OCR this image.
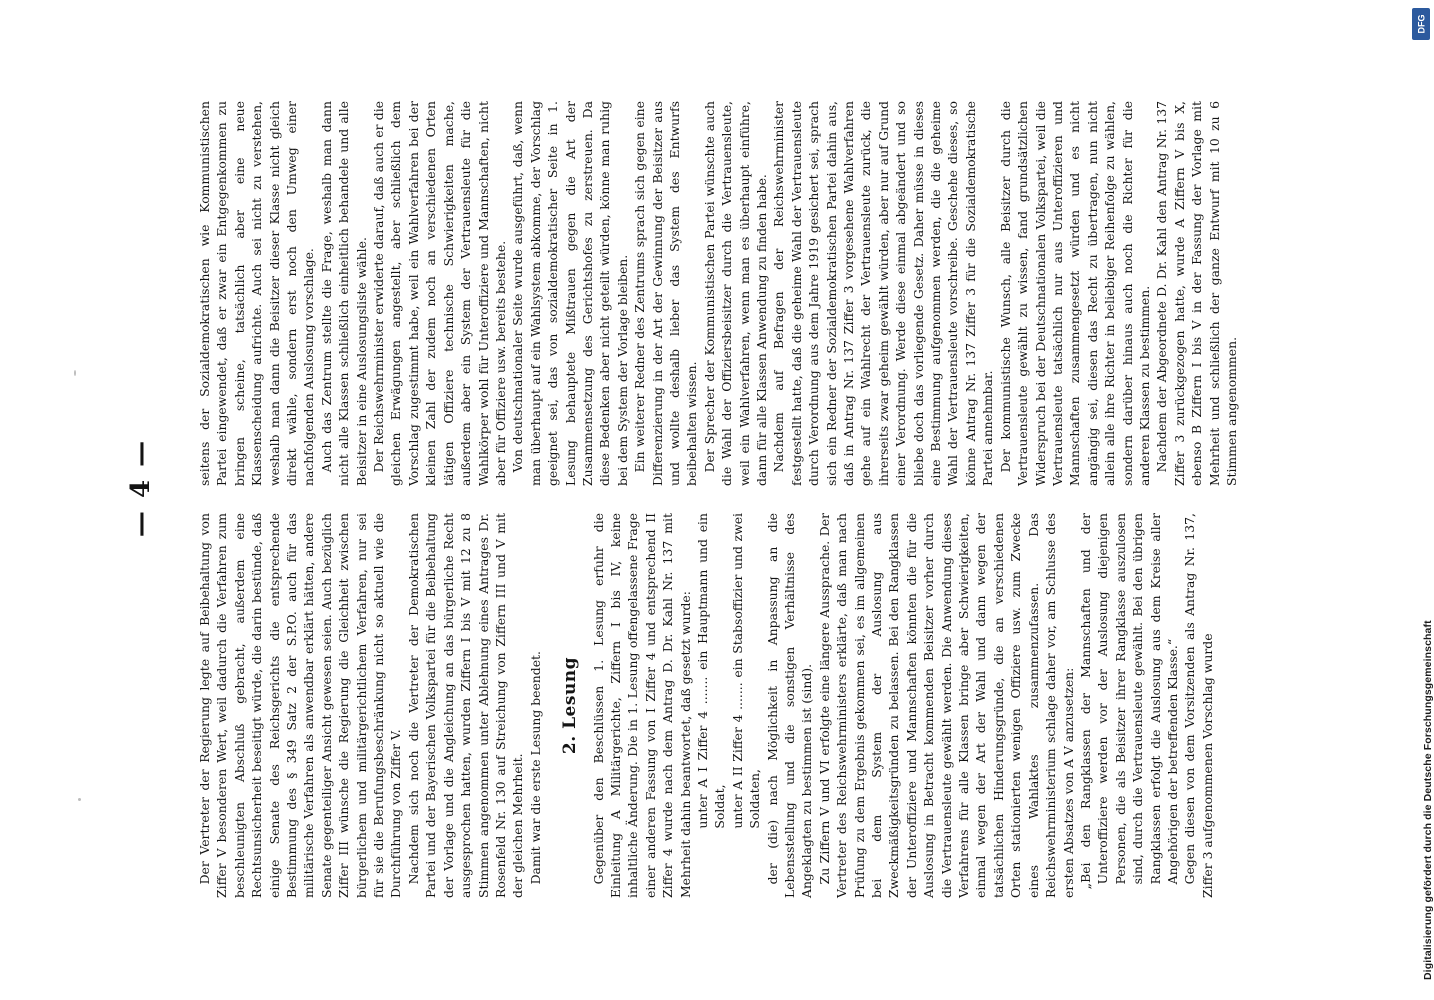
— 4 —

Der Vertreter der Regierung legte auf Beibehaltung von Ziffer V besonderen Wert, weil dadurch die Verfahren zum beschleunigten Abschluß gebracht, außerdem eine Rechtsunsicherheit beseitigt würde, die darin bestünde, daß einige Senate des Reichsgerichts die entsprechende Bestimmung des § 349 Satz 2 der S.P.O. auch für das militärische Verfahren als anwendbar erklärt hätten, andere Senate gegenteiliger Ansicht gewesen seien. Auch bezüglich Ziffer III wünsche die Regierung die Gleichheit zwischen bürgerlichem und militärgerichtlichem Verfahren, nur sei für sie die Berufungsbeschränkung nicht so aktuell wie die Durchführung von Ziffer V. Nachdem sich noch die Vertreter der Demokratischen Partei und der Bayerischen Volkspartei für die Beibehaltung der Vorlage und die Angleichung an das bürgerliche Recht ausgesprochen hatten, wurden Ziffern I bis V mit 12 zu 8 Stimmen angenommen unter Ablehnung eines Antrages Dr. Rosenfeld Nr. 130 auf Streichung von Ziffern III und V mit der gleichen Mehrheit. Damit war die erste Lesung beendet. 2. Lesung Gegenüber den Beschlüssen 1. Lesung erfuhr die Einleitung A Militärgerichte, Ziffern I bis IV, keine inhaltliche Änderung. Die in 1. Lesung offengelassene Frage einer anderen Fassung von I Ziffer 4 und entsprechend II Ziffer 4 wurde nach dem Antrag D. Dr. Kahl Nr. 137 mit Mehrheit dahin beantwortet, daß gesetzt wurde: unter A I Ziffer 4 ....... ein Hauptmann und ein Soldat, unter A II Ziffer 4 ....... ein Stabsoffizier und zwei Soldaten, der (die) nach Möglichkeit in Anpassung an die Lebensstellung und die sonstigen Verhältnisse des Angeklagten zu bestimmen ist (sind). Zu Ziffern V und VI erfolgte eine längere Aussprache. Der Vertreter des Reichswehrministers erklärte, daß man nach Prüfung zu dem Ergebnis gekommen sei, es im allgemeinen bei dem System der Auslosung aus Zweckmäßigkeitsgründen zu belassen. Bei den Rangklassen der Unteroffiziere und Mannschaften könnten die für die Auslosung in Betracht kommenden Beisitzer vorher durch die Vertrauensleute gewählt werden. Die Anwendung dieses Verfahrens für alle Klassen bringe aber Schwierigkeiten, einmal wegen der Art der Wahl und dann wegen der tatsächlichen Hinderungsgründe, die an verschiedenen Orten stationierten wenigen Offiziere usw. zum Zwecke eines Wahlaktes zusammenzufassen. Das Reichswehrministerium schlage daher vor, am Schlusse des ersten Absatzes von A V anzusetzen: „Bei den Rangklassen der Mannschaften und der Unteroffiziere werden vor der Auslosung diejenigen Personen, die als Beisitzer ihrer Rangklasse auszulosen sind, durch die Vertrauensleute gewählt. Bei den übrigen Rangklassen erfolgt die Auslosung aus dem Kreise aller Angehörigen der betreffenden Klasse.“ Gegen diesen von dem Vorsitzenden als Antrag Nr. 137, Ziffer 3 aufgenommenen Vorschlag wurde

seitens der Sozialdemokratischen wie Kommunistischen Partei eingewendet, daß er zwar ein Entgegenkommen zu bringen scheine, tatsächlich aber eine neue Klassenscheidung aufrichte. Auch sei nicht zu verstehen, weshalb man dann die Beisitzer dieser Klasse nicht gleich direkt wähle, sondern erst noch den Umweg einer nachfolgenden Auslosung vorschlage. Auch das Zentrum stellte die Frage, weshalb man dann nicht alle Klassen schließlich einheitlich behandele und alle Beisitzer in eine Auslosungsliste wähle. Der Reichswehrminister erwiderte darauf, daß auch er die gleichen Erwägungen angestellt, aber schließlich dem Vorschlag zugestimmt habe, weil ein Wahlverfahren bei der kleinen Zahl der zudem noch an verschiedenen Orten tätigen Offiziere technische Schwierigkeiten mache, außerdem aber ein System der Vertrauensleute für die Wahlkörper wohl für Unteroffiziere und Mannschaften, nicht aber für Offiziere usw. bereits bestehe. Von deutschnationaler Seite wurde ausgeführt, daß, wenn man überhaupt auf ein Wahlsystem abkomme, der Vorschlag geeignet sei, das von sozialdemokratischer Seite in 1. Lesung behauptete Mißtrauen gegen die Art der Zusammensetzung des Gerichtshofes zu zerstreuen. Da diese Bedenken aber nicht geteilt würden, könne man ruhig bei dem System der Vorlage bleiben. Ein weiterer Redner des Zentrums sprach sich gegen eine Differenzierung in der Art der Gewinnung der Beisitzer aus und wollte deshalb lieber das System des Entwurfs beibehalten wissen. Der Sprecher der Kommunistischen Partei wünschte auch die Wahl der Offiziersbeisitzer durch die Vertrauensleute, weil ein Wahlverfahren, wenn man es überhaupt einführe, dann für alle Klassen Anwendung zu finden habe. Nachdem auf Befragen der Reichswehrminister festgestellt hatte, daß die geheime Wahl der Vertrauensleute durch Verordnung aus dem Jahre 1919 gesichert sei, sprach sich ein Redner der Sozialdemokratischen Partei dahin aus, daß in Antrag Nr. 137 Ziffer 3 vorgesehene Wahlverfahren gehe auf ein Wahlrecht der Vertrauensleute zurück, die ihrerseits zwar geheim gewählt würden, aber nur auf Grund einer Verordnung. Werde diese einmal abgeändert und so bliebe doch das vorliegende Gesetz. Daher müsse in dieses eine Bestimmung aufgenommen werden, die die geheime Wahl der Vertrauensleute vorschreibe. Geschehe dieses, so könne Antrag Nr. 137 Ziffer 3 für die Sozialdemokratische Partei annehmbar. Der kommunistische Wunsch, alle Beisitzer durch die Vertrauensleute gewählt zu wissen, fand grundsätzlichen Widerspruch bei der Deutschnationalen Volkspartei, weil die Vertrauensleute tatsächlich nur aus Unteroffizieren und Mannschaften zusammengesetzt würden und es nicht angängig sei, diesen das Recht zu übertragen, nun nicht allein alle ihre Richter in beliebiger Reihenfolge zu wählen, sondern darüber hinaus auch noch die Richter für die anderen Klassen zu bestimmen. Nachdem der Abgeordnete D. Dr. Kahl den Antrag Nr. 137 Ziffer 3 zurückgezogen hatte, wurde A Ziffern V bis X, ebenso B Ziffern I bis V in der Fassung der Vorlage mit Mehrheit und schließlich der ganze Entwurf mit 10 zu 6 Stimmen angenommen.

Digitalisierung gefördert durch die Deutsche Forschungsgemeinschaft
DFG
